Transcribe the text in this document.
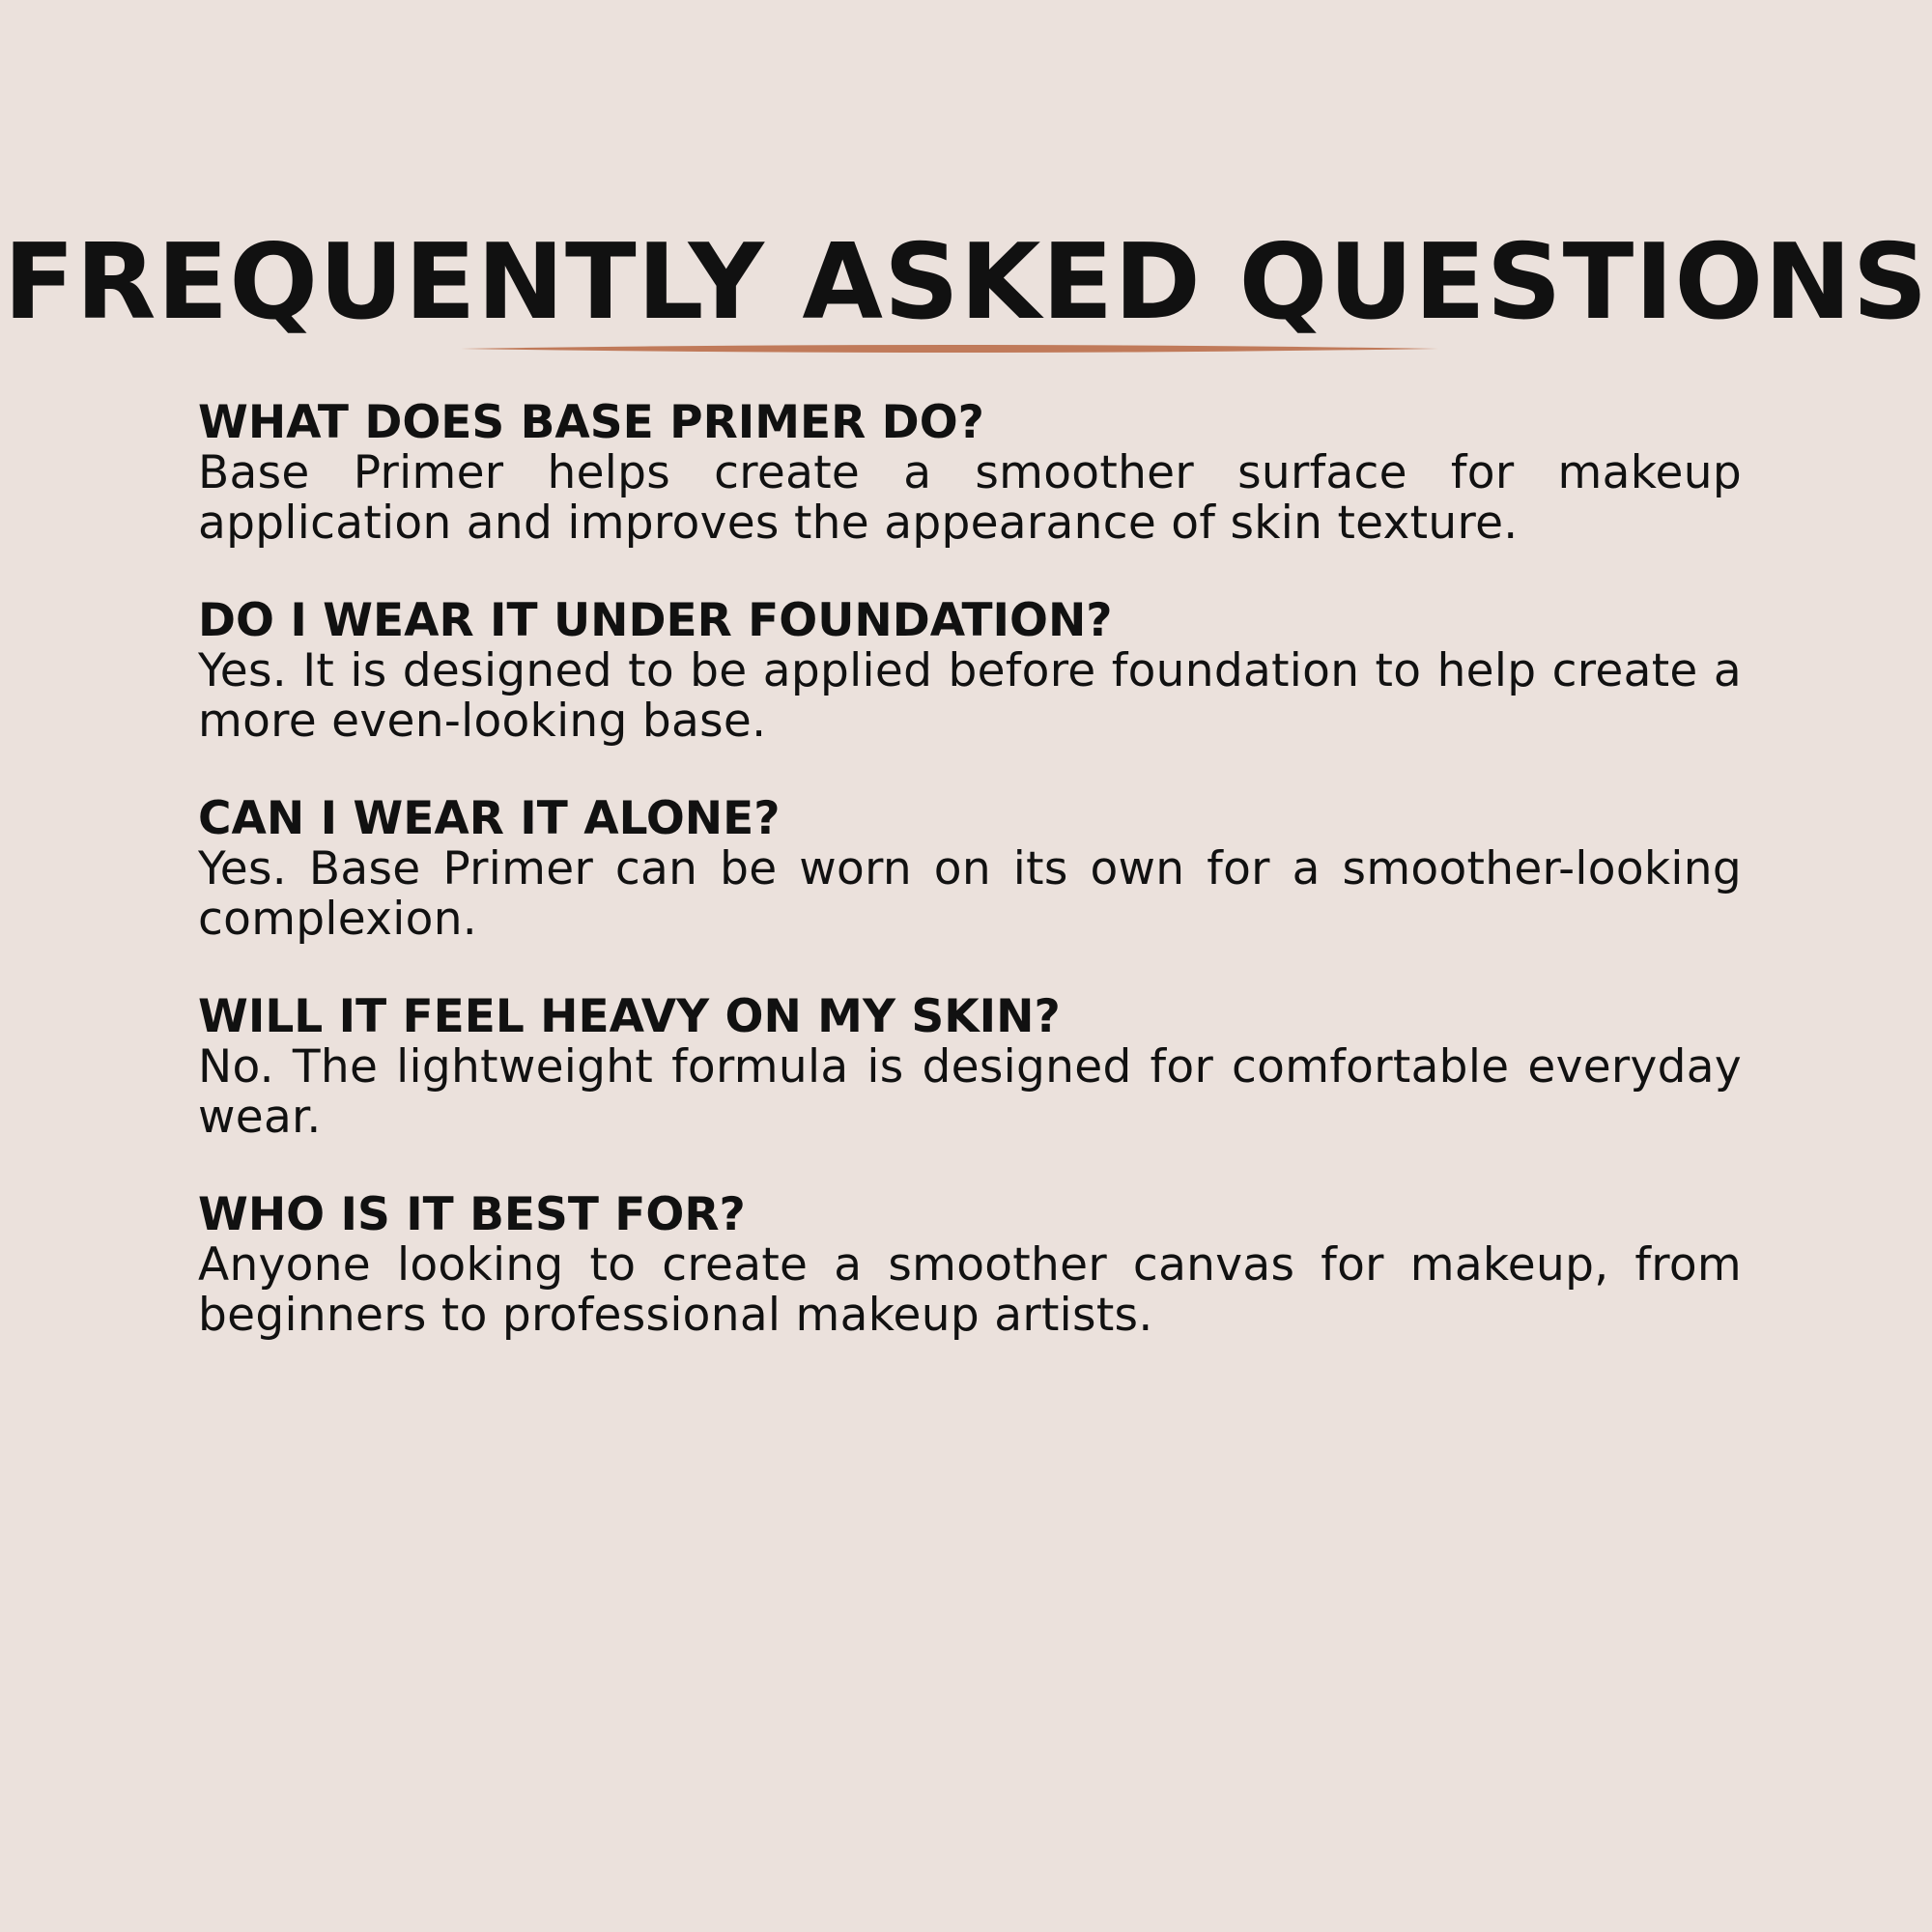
FREQUENTLY ASKED QUESTIONS

WHAT DOES BASE PRIMER DO?

Base Primer helps create a smoother surface for makeup application and improves the appearance of skin texture.

DO I WEAR IT UNDER FOUNDATION?

Yes. It is designed to be applied before foundation to help create a more even-looking base.

CAN I WEAR IT ALONE?

Yes. Base Primer can be worn on its own for a smoother-looking complexion.

WILL IT FEEL HEAVY ON MY SKIN?

No. The lightweight formula is designed for comfortable everyday wear.

WHO IS IT BEST FOR?

Anyone looking to create a smoother canvas for makeup, from beginners to professional makeup artists.
